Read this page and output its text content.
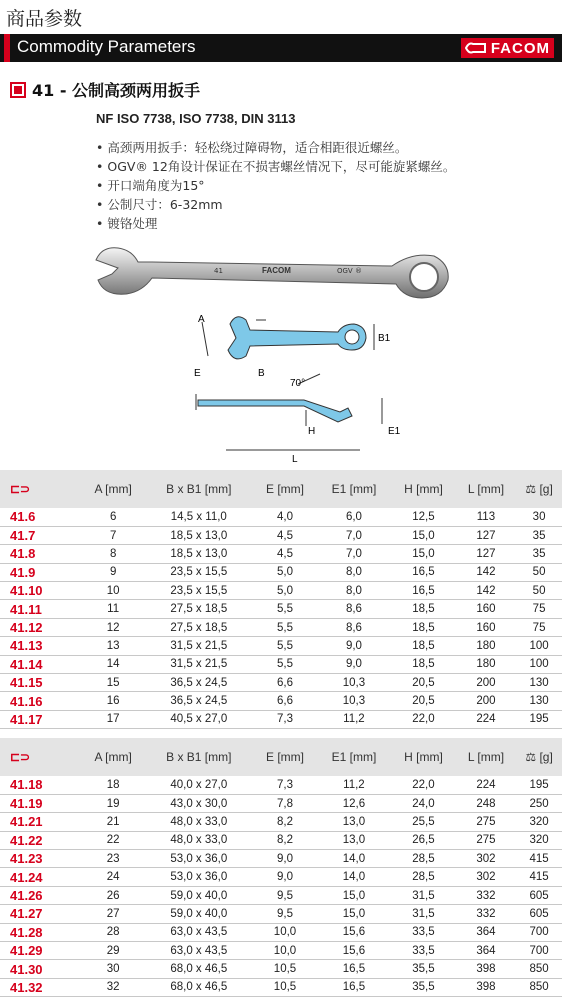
商品参数
Commodity Parameters	FACOM
41 - 公制高颈两用扳手
NF ISO 7738, ISO 7738, DIN 3113
• 高颈两用扳手：轻松绕过障碍物，适合相距很近螺丝。
• OGV® 12角设计保证在不损害螺丝情况下，尽可能旋紧螺丝。
• 开口端角度为15°
• 公制尺寸：6-32mm
• 镀铬处理
41	FACOM	OGV ®
A
B
B1
70°
E
H	E1
L
⊏⊃	A [mm]	B x B1 [mm]	E [mm]	E1 [mm]	H [mm]	L [mm]	⚖ [g]
41.6	6	14,5 x 11,0	4,0	6,0	12,5	113	30
41.7	7	18,5 x 13,0	4,5	7,0	15,0	127	35
41.8	8	18,5 x 13,0	4,5	7,0	15,0	127	35
41.9	9	23,5 x 15,5	5,0	8,0	16,5	142	50
41.10	10	23,5 x 15,5	5,0	8,0	16,5	142	50
41.11	11	27,5 x 18,5	5,5	8,6	18,5	160	75
41.12	12	27,5 x 18,5	5,5	8,6	18,5	160	75
41.13	13	31,5 x 21,5	5,5	9,0	18,5	180	100
41.14	14	31,5 x 21,5	5,5	9,0	18,5	180	100
41.15	15	36,5 x 24,5	6,6	10,3	20,5	200	130
41.16	16	36,5 x 24,5	6,6	10,3	20,5	200	130
41.17	17	40,5 x 27,0	7,3	11,2	22,0	224	195
⊏⊃	A [mm]	B x B1 [mm]	E [mm]	E1 [mm]	H [mm]	L [mm]	⚖ [g]
41.18	18	40,0 x 27,0	7,3	11,2	22,0	224	195
41.19	19	43,0 x 30,0	7,8	12,6	24,0	248	250
41.21	21	48,0 x 33,0	8,2	13,0	25,5	275	320
41.22	22	48,0 x 33,0	8,2	13,0	26,5	275	320
41.23	23	53,0 x 36,0	9,0	14,0	28,5	302	415
41.24	24	53,0 x 36,0	9,0	14,0	28,5	302	415
41.26	26	59,0 x 40,0	9,5	15,0	31,5	332	605
41.27	27	59,0 x 40,0	9,5	15,0	31,5	332	605
41.28	28	63,0 x 43,5	10,0	15,6	33,5	364	700
41.29	29	63,0 x 43,5	10,0	15,6	33,5	364	700
41.30	30	68,0 x 46,5	10,5	16,5	35,5	398	850
41.32	32	68,0 x 46,5	10,5	16,5	35,5	398	850
